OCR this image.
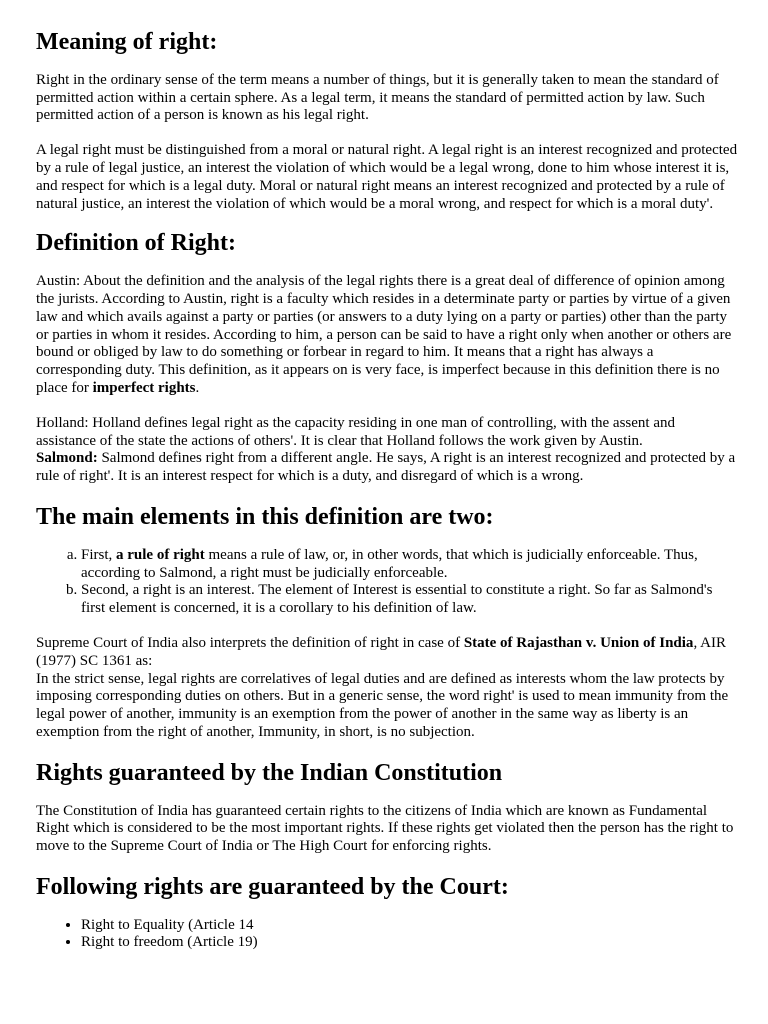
Meaning of right:

Right in the ordinary sense of the term means a number of things, but it is generally taken to mean the standard of permitted action within a certain sphere. As a legal term, it means the standard of permitted action by law. Such permitted action of a person is known as his legal right.

A legal right must be distinguished from a moral or natural right. A legal right is an interest recognized and protected by a rule of legal justice, an interest the violation of which would be a legal wrong, done to him whose interest it is, and respect for which is a legal duty. Moral or natural right means an interest recognized and protected by a rule of natural justice, an interest the violation of which would be a moral wrong, and respect for which is a moral duty'.

Definition of Right:

Austin: About the definition and the analysis of the legal rights there is a great deal of difference of opinion among the jurists. According to Austin, right is a faculty which resides in a determinate party or parties by virtue of a given law and which avails against a party or parties (or answers to a duty lying on a party or parties) other than the party or parties in whom it resides. According to him, a person can be said to have a right only when another or others are bound or obliged by law to do something or forbear in regard to him. It means that a right has always a corresponding duty. This definition, as it appears on is very face, is imperfect because in this definition there is no place for imperfect rights.

Holland: Holland defines legal right as the capacity residing in one man of controlling, with the assent and assistance of the state the actions of others'. It is clear that Holland follows the work given by Austin.

Salmond: Salmond defines right from a different angle. He says, A right is an interest recognized and protected by a rule of right'. It is an interest respect for which is a duty, and disregard of which is a wrong.

The main elements in this definition are two:
a. First, a rule of right means a rule of law, or, in other words, that which is judicially enforceable. Thus, according to Salmond, a right must be judicially enforceable.
b. Second, a right is an interest. The element of Interest is essential to constitute a right. So far as Salmond's first element is concerned, it is a corollary to his definition of law.

Supreme Court of India also interprets the definition of right in case of State of Rajasthan v. Union of India, AIR (1977) SC 1361 as:

In the strict sense, legal rights are correlatives of legal duties and are defined as interests whom the law protects by imposing corresponding duties on others. But in a generic sense, the word right' is used to mean immunity from the legal power of another, immunity is an exemption from the power of another in the same way as liberty is an exemption from the right of another, Immunity, in short, is no subjection.

Rights guaranteed by the Indian Constitution

The Constitution of India has guaranteed certain rights to the citizens of India which are known as Fundamental Right which is considered to be the most important rights. If these rights get violated then the person has the right to move to the Supreme Court of India or The High Court for enforcing rights.

Following rights are guaranteed by the Court:
• Right to Equality (Article 14
• Right to freedom (Article 19)
